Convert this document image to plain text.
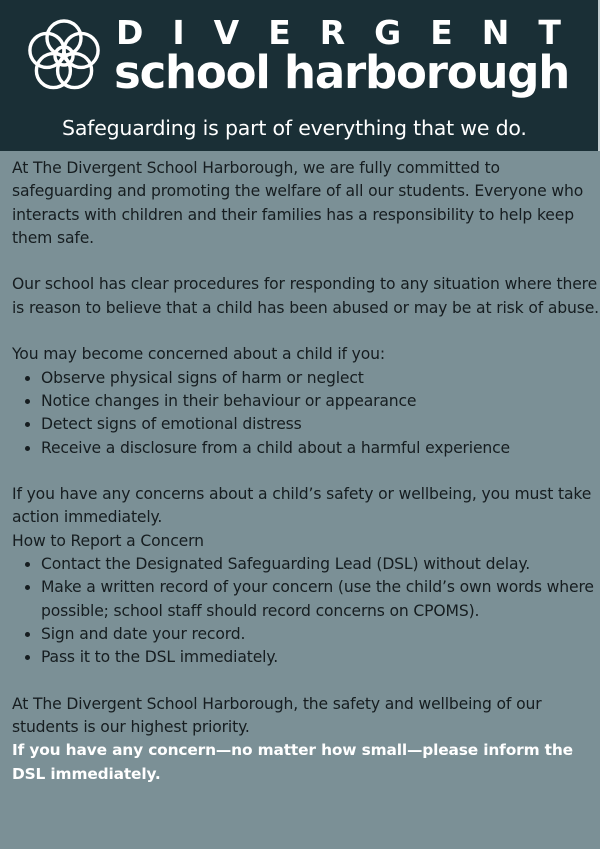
DIVERGENT
school harborough
Safeguarding is part of everything that we do.

At The Divergent School Harborough, we are fully committed to safeguarding and promoting the welfare of all our students. Everyone who interacts with children and their families has a responsibility to help keep them safe.

Our school has clear procedures for responding to any situation where there is reason to believe that a child has been abused or may be at risk of abuse.

You may become concerned about a child if you:

• Observe physical signs of harm or neglect
• Notice changes in their behaviour or appearance
• Detect signs of emotional distress
• Receive a disclosure from a child about a harmful experience

If you have any concerns about a child’s safety or wellbeing, you must take action immediately.

How to Report a Concern

• Contact the Designated Safeguarding Lead (DSL) without delay.
• Make a written record of your concern (use the child’s own words where possible; school staff should record concerns on CPOMS).
• Sign and date your record.
• Pass it to the DSL immediately.

At The Divergent School Harborough, the safety and wellbeing of our students is our highest priority.

If you have any concern—no matter how small—please inform the DSL immediately.
